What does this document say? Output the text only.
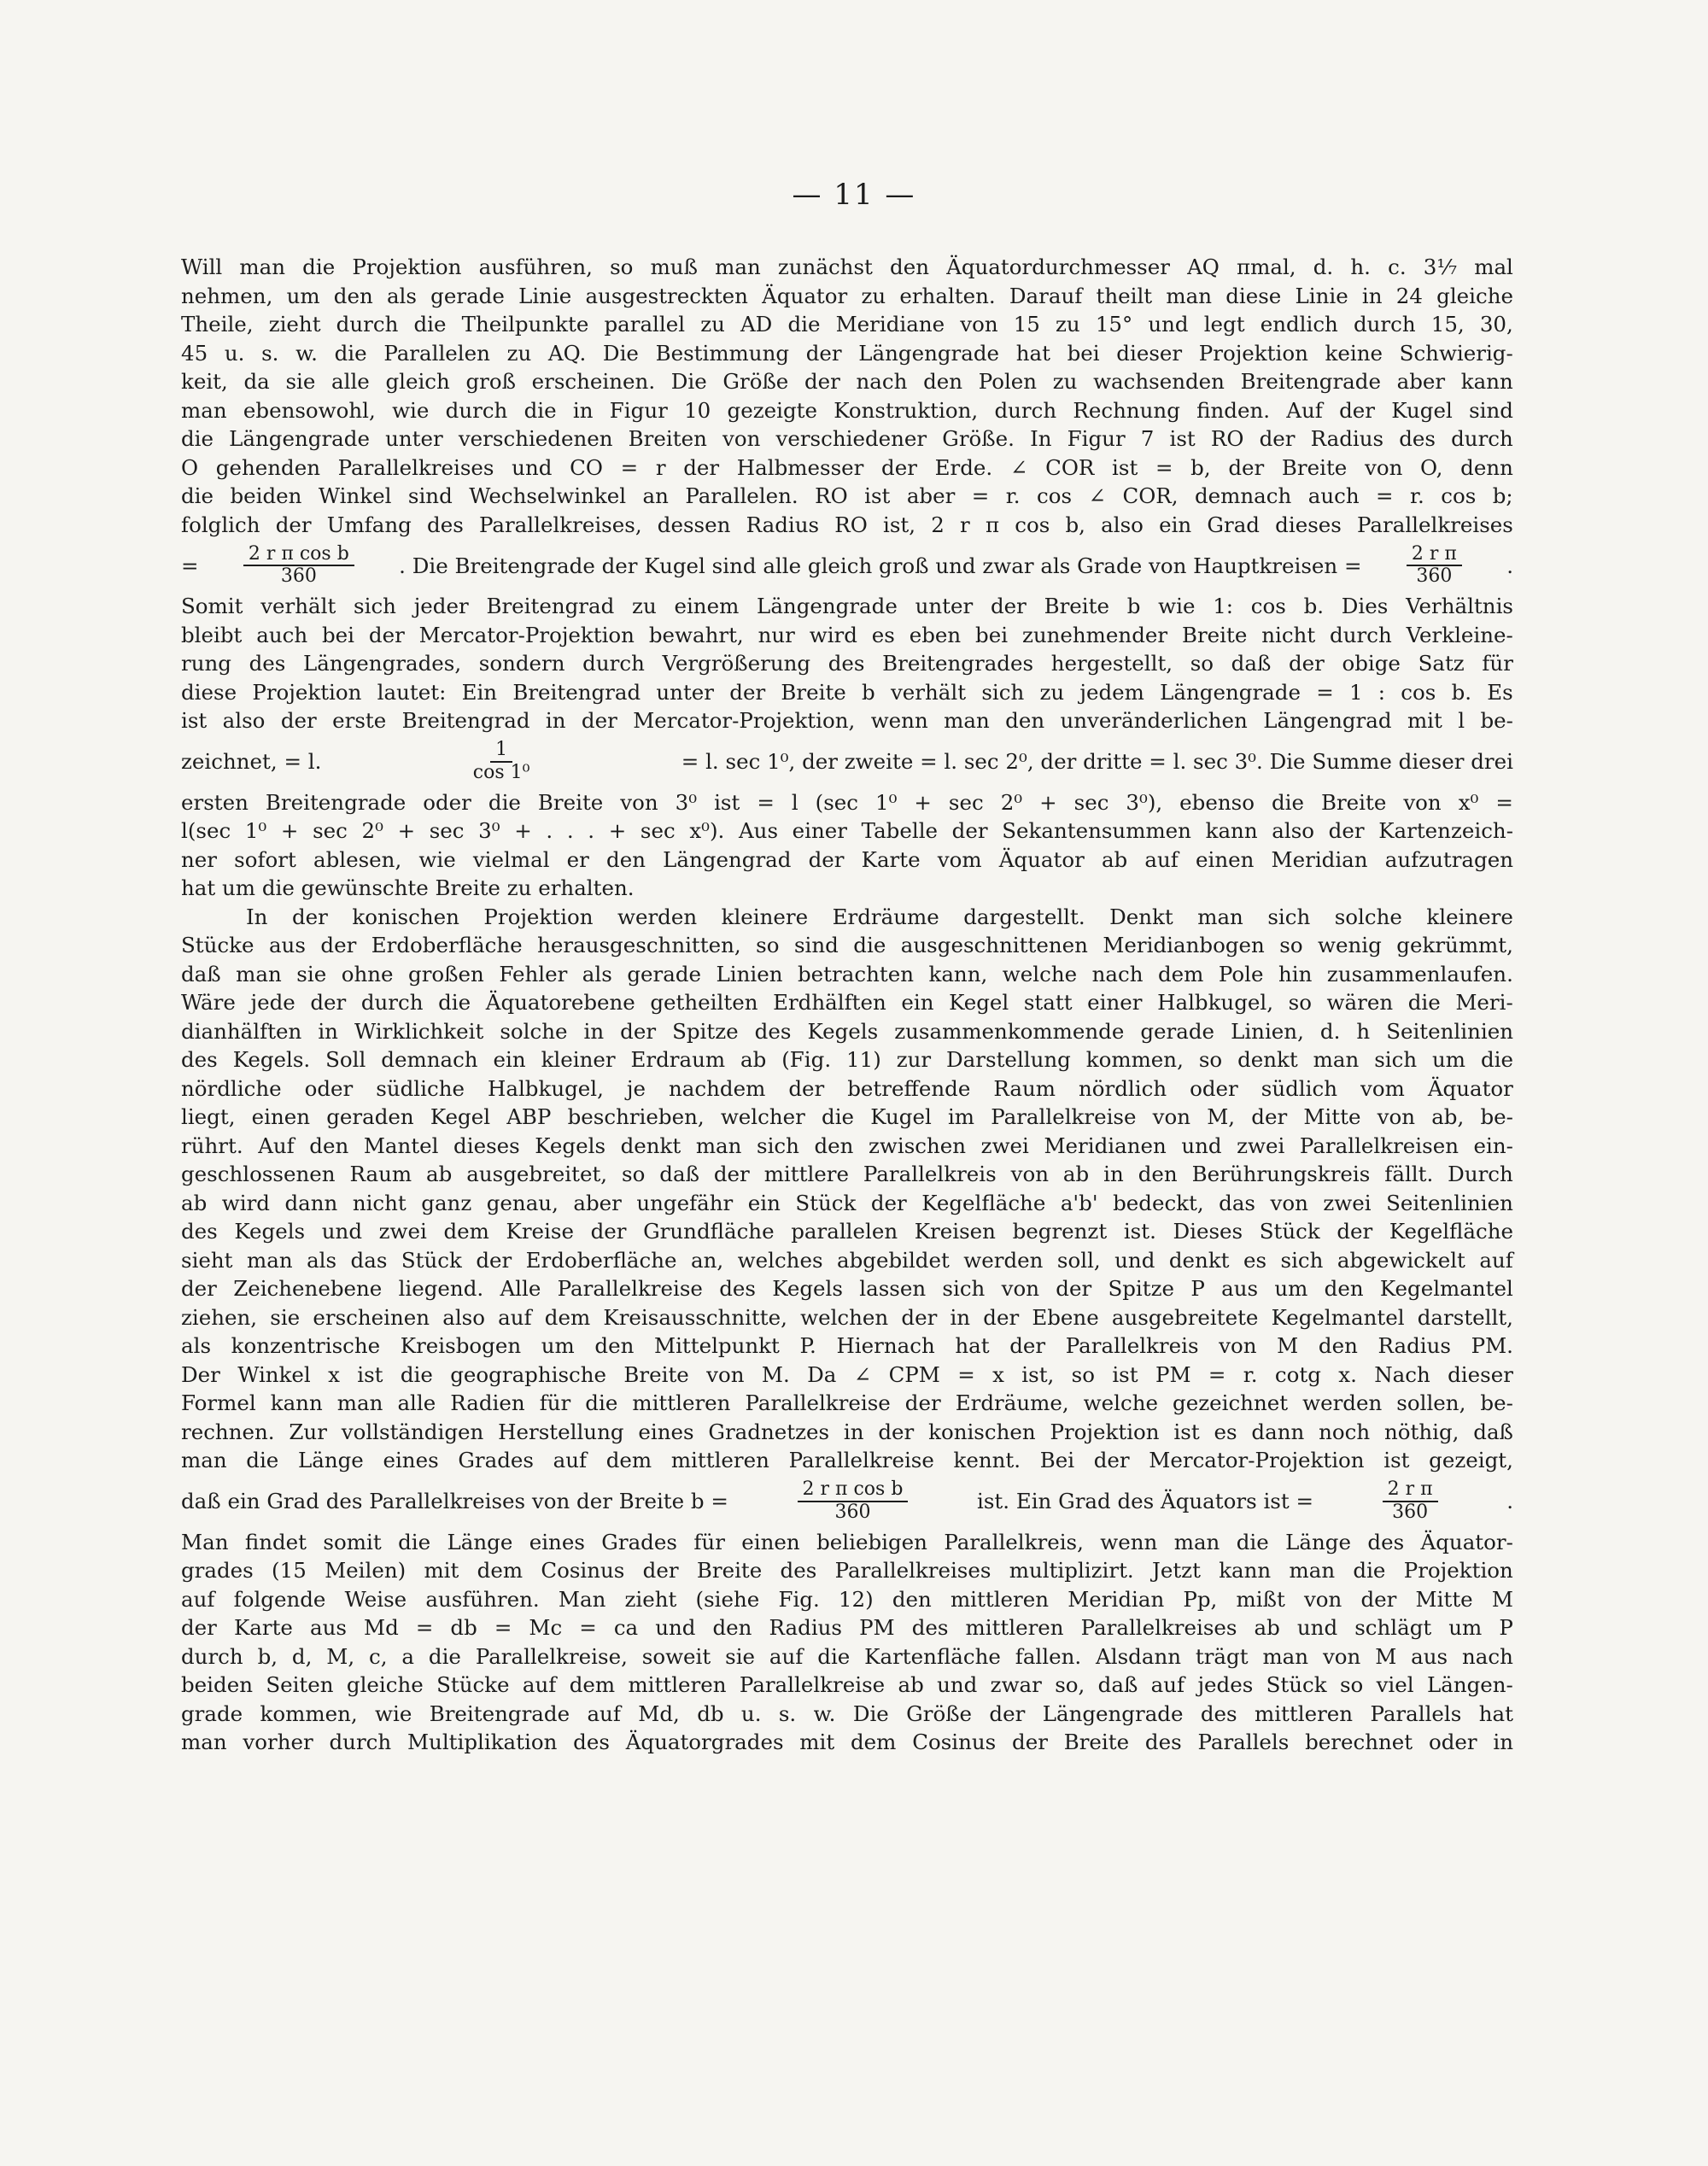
— 11 —
Will man die Projektion ausführen, so muß man zunächst den Äquatordurchmesser AQ πmal, d. h. c. 3¹⁄₇ mal
nehmen, um den als gerade Linie ausgestreckten Äquator zu erhalten. Darauf theilt man diese Linie in 24 gleiche
Theile, zieht durch die Theilpunkte parallel zu AD die Meridiane von 15 zu 15° und legt endlich durch 15, 30,
45 u. s. w. die Parallelen zu AQ. Die Bestimmung der Längengrade hat bei dieser Projektion keine Schwierig-
keit, da sie alle gleich groß erscheinen. Die Größe der nach den Polen zu wachsenden Breitengrade aber kann
man ebensowohl, wie durch die in Figur 10 gezeigte Konstruktion, durch Rechnung finden. Auf der Kugel sind
die Längengrade unter verschiedenen Breiten von verschiedener Größe. In Figur 7 ist RO der Radius des durch
O gehenden Parallelkreises und CO = r der Halbmesser der Erde. ∠ COR ist = b, der Breite von O, denn
die beiden Winkel sind Wechselwinkel an Parallelen. RO ist aber = r. cos ∠ COR, demnach auch = r. cos b;
folglich der Umfang des Parallelkreises, dessen Radius RO ist, 2 r π cos b, also ein Grad dieses Parallelkreises
= $\frac{\text{2 r π cos b}}{360}$ . Die Breitengrade der Kugel sind alle gleich groß und zwar als Grade von Hauptkreisen = $\frac{\text{2 r π}}{360}$ .
Somit verhält sich jeder Breitengrad zu einem Längengrade unter der Breite b wie 1: cos b. Dies Verhältnis
bleibt auch bei der Mercator-Projektion bewahrt, nur wird es eben bei zunehmender Breite nicht durch Verkleine-
rung des Längengrades, sondern durch Vergrößerung des Breitengrades hergestellt, so daß der obige Satz für
diese Projektion lautet: Ein Breitengrad unter der Breite b verhält sich zu jedem Längengrade = 1 : cos b. Es
ist also der erste Breitengrad in der Mercator-Projektion, wenn man den unveränderlichen Längengrad mit l be-
zeichnet, = l.	$\frac{1}{\text{cos 1⁰}}$	= l. sec 1⁰, der zweite = l. sec 2⁰, der dritte = l. sec 3⁰. Die Summe dieser drei
ersten Breitengrade oder die Breite von 3⁰ ist = l (sec 1⁰ + sec 2⁰ + sec 3⁰), ebenso die Breite von x⁰ =
l(sec 1⁰ + sec 2⁰ + sec 3⁰ + . . . + sec x⁰). Aus einer Tabelle der Sekantensummen kann also der Kartenzeich-
ner sofort ablesen, wie vielmal er den Längengrad der Karte vom Äquator ab auf einen Meridian aufzutragen
hat um die gewünschte Breite zu erhalten.
In der konischen Projektion werden kleinere Erdräume dargestellt. Denkt man sich solche kleinere
Stücke aus der Erdoberfläche herausgeschnitten, so sind die ausgeschnittenen Meridianbogen so wenig gekrümmt,
daß man sie ohne großen Fehler als gerade Linien betrachten kann, welche nach dem Pole hin zusammenlaufen.
Wäre jede der durch die Äquatorebene getheilten Erdhälften ein Kegel statt einer Halbkugel, so wären die Meri-
dianhälften in Wirklichkeit solche in der Spitze des Kegels zusammenkommende gerade Linien, d. h Seitenlinien
des Kegels. Soll demnach ein kleiner Erdraum ab (Fig. 11) zur Darstellung kommen, so denkt man sich um die
nördliche oder südliche Halbkugel, je nachdem der betreffende Raum nördlich oder südlich vom Äquator
liegt, einen geraden Kegel ABP beschrieben, welcher die Kugel im Parallelkreise von M, der Mitte von ab, be-
rührt. Auf den Mantel dieses Kegels denkt man sich den zwischen zwei Meridianen und zwei Parallelkreisen ein-
geschlossenen Raum ab ausgebreitet, so daß der mittlere Parallelkreis von ab in den Berührungskreis fällt. Durch
ab wird dann nicht ganz genau, aber ungefähr ein Stück der Kegelfläche a'b' bedeckt, das von zwei Seitenlinien
des Kegels und zwei dem Kreise der Grundfläche parallelen Kreisen begrenzt ist. Dieses Stück der Kegelfläche
sieht man als das Stück der Erdoberfläche an, welches abgebildet werden soll, und denkt es sich abgewickelt auf
der Zeichenebene liegend. Alle Parallelkreise des Kegels lassen sich von der Spitze P aus um den Kegelmantel
ziehen, sie erscheinen also auf dem Kreisausschnitte, welchen der in der Ebene ausgebreitete Kegelmantel darstellt,
als konzentrische Kreisbogen um den Mittelpunkt P. Hiernach hat der Parallelkreis von M den Radius PM.
Der Winkel x ist die geographische Breite von M. Da ∠ CPM = x ist, so ist PM = r. cotg x. Nach dieser
Formel kann man alle Radien für die mittleren Parallelkreise der Erdräume, welche gezeichnet werden sollen, be-
rechnen. Zur vollständigen Herstellung eines Gradnetzes in der konischen Projektion ist es dann noch nöthig, daß
man die Länge eines Grades auf dem mittleren Parallelkreise kennt. Bei der Mercator-Projektion ist gezeigt,
daß ein Grad des Parallelkreises von der Breite b =	$\frac{\text{2 r π cos b}}{360}$	ist. Ein Grad des Äquators ist =	$\frac{\text{2 r π}}{360}$	.
Man findet somit die Länge eines Grades für einen beliebigen Parallelkreis, wenn man die Länge des Äquator-
grades (15 Meilen) mit dem Cosinus der Breite des Parallelkreises multiplizirt. Jetzt kann man die Projektion
auf folgende Weise ausführen. Man zieht (siehe Fig. 12) den mittleren Meridian Pp, mißt von der Mitte M
der Karte aus Md = db = Mc = ca und den Radius PM des mittleren Parallelkreises ab und schlägt um P
durch b, d, M, c, a die Parallelkreise, soweit sie auf die Kartenfläche fallen. Alsdann trägt man von M aus nach
beiden Seiten gleiche Stücke auf dem mittleren Parallelkreise ab und zwar so, daß auf jedes Stück so viel Längen-
grade kommen, wie Breitengrade auf Md, db u. s. w. Die Größe der Längengrade des mittleren Parallels hat
man vorher durch Multiplikation des Äquatorgrades mit dem Cosinus der Breite des Parallels berechnet oder in
